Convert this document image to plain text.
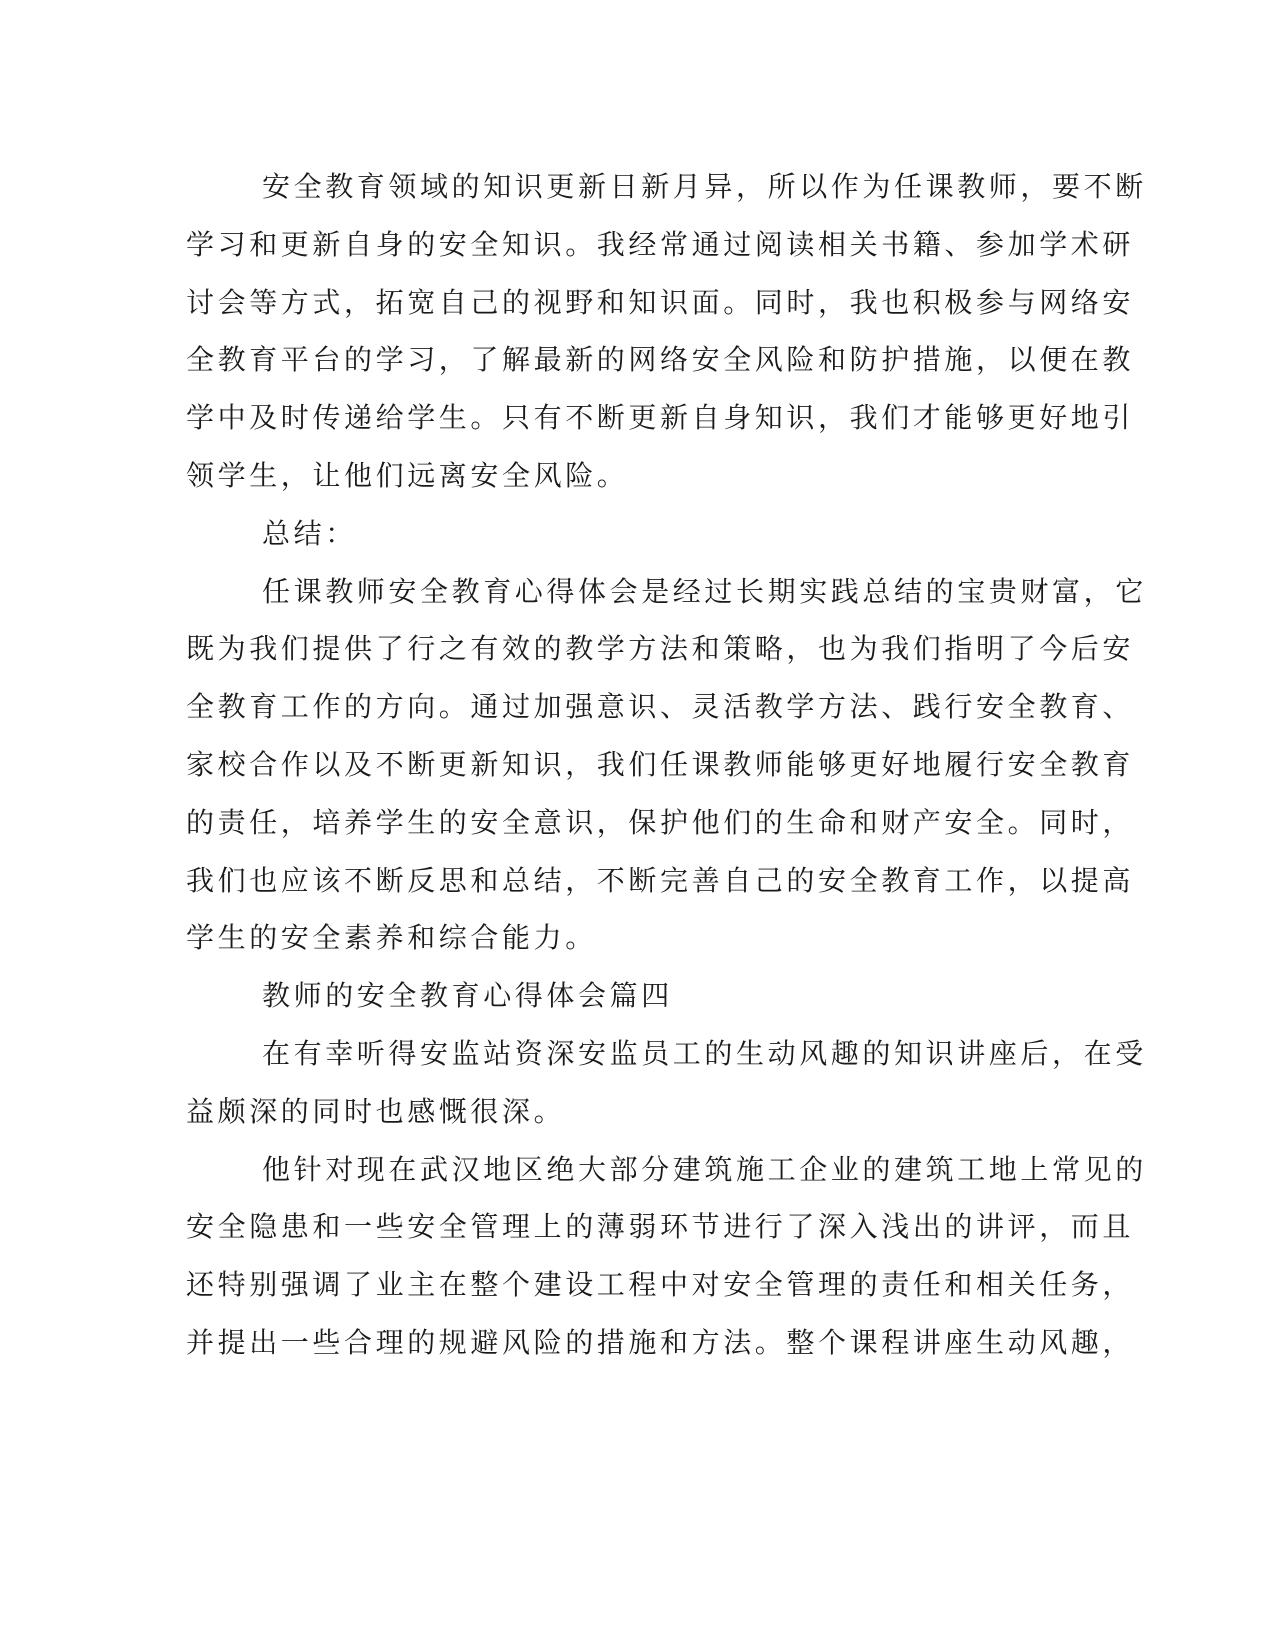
安全教育领域的知识更新日新月异，所以作为任课教师，要不断
学习和更新自身的安全知识。我经常通过阅读相关书籍、参加学术研
讨会等方式，拓宽自己的视野和知识面。同时，我也积极参与网络安
全教育平台的学习，了解最新的网络安全风险和防护措施，以便在教
学中及时传递给学生。只有不断更新自身知识，我们才能够更好地引
领学生，让他们远离安全风险。
总结：
任课教师安全教育心得体会是经过长期实践总结的宝贵财富，它
既为我们提供了行之有效的教学方法和策略，也为我们指明了今后安
全教育工作的方向。通过加强意识、灵活教学方法、践行安全教育、
家校合作以及不断更新知识，我们任课教师能够更好地履行安全教育
的责任，培养学生的安全意识，保护他们的生命和财产安全。同时，
我们也应该不断反思和总结，不断完善自己的安全教育工作，以提高
学生的安全素养和综合能力。
教师的安全教育心得体会篇四
在有幸听得安监站资深安监员工的生动风趣的知识讲座后，在受
益颇深的同时也感慨很深。
他针对现在武汉地区绝大部分建筑施工企业的建筑工地上常见的
安全隐患和一些安全管理上的薄弱环节进行了深入浅出的讲评，而且
还特别强调了业主在整个建设工程中对安全管理的责任和相关任务，
并提出一些合理的规避风险的措施和方法。整个课程讲座生动风趣，
